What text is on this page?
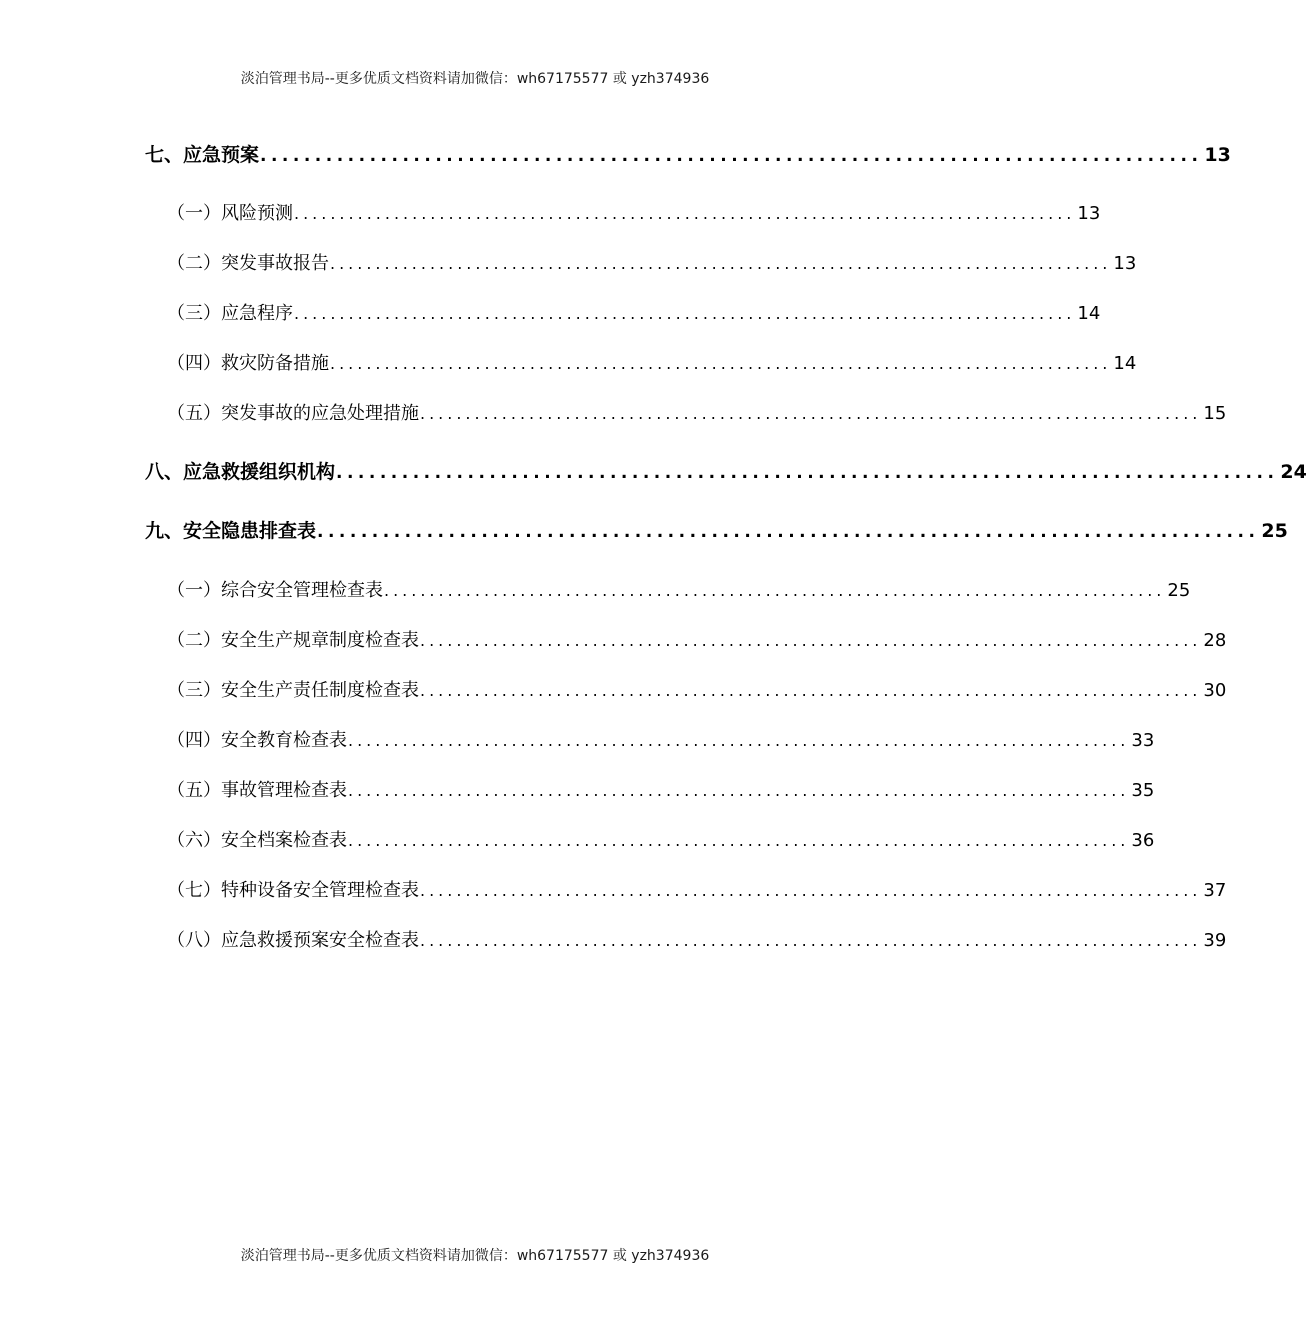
淡泊管理书局--更多优质文档资料请加微信：wh67175577 或 yzh374936
七、应急预案 ...................................................................................... 13
（一）风险预测 ...................................................................................... 13
（二）突发事故报告 ...................................................................................... 13
（三）应急程序 ...................................................................................... 14
（四）救灾防备措施 ...................................................................................... 14
（五）突发事故的应急处理措施 ...................................................................................... 15
八、应急救援组织机构 ...................................................................................... 24
九、安全隐患排查表 ...................................................................................... 25
（一）综合安全管理检查表 ...................................................................................... 25
（二）安全生产规章制度检查表 ...................................................................................... 28
（三）安全生产责任制度检查表 ...................................................................................... 30
（四）安全教育检查表 ...................................................................................... 33
（五）事故管理检查表 ...................................................................................... 35
（六）安全档案检查表 ...................................................................................... 36
（七）特种设备安全管理检查表 ...................................................................................... 37
（八）应急救援预案安全检查表 ...................................................................................... 39
淡泊管理书局--更多优质文档资料请加微信：wh67175577 或 yzh374936
